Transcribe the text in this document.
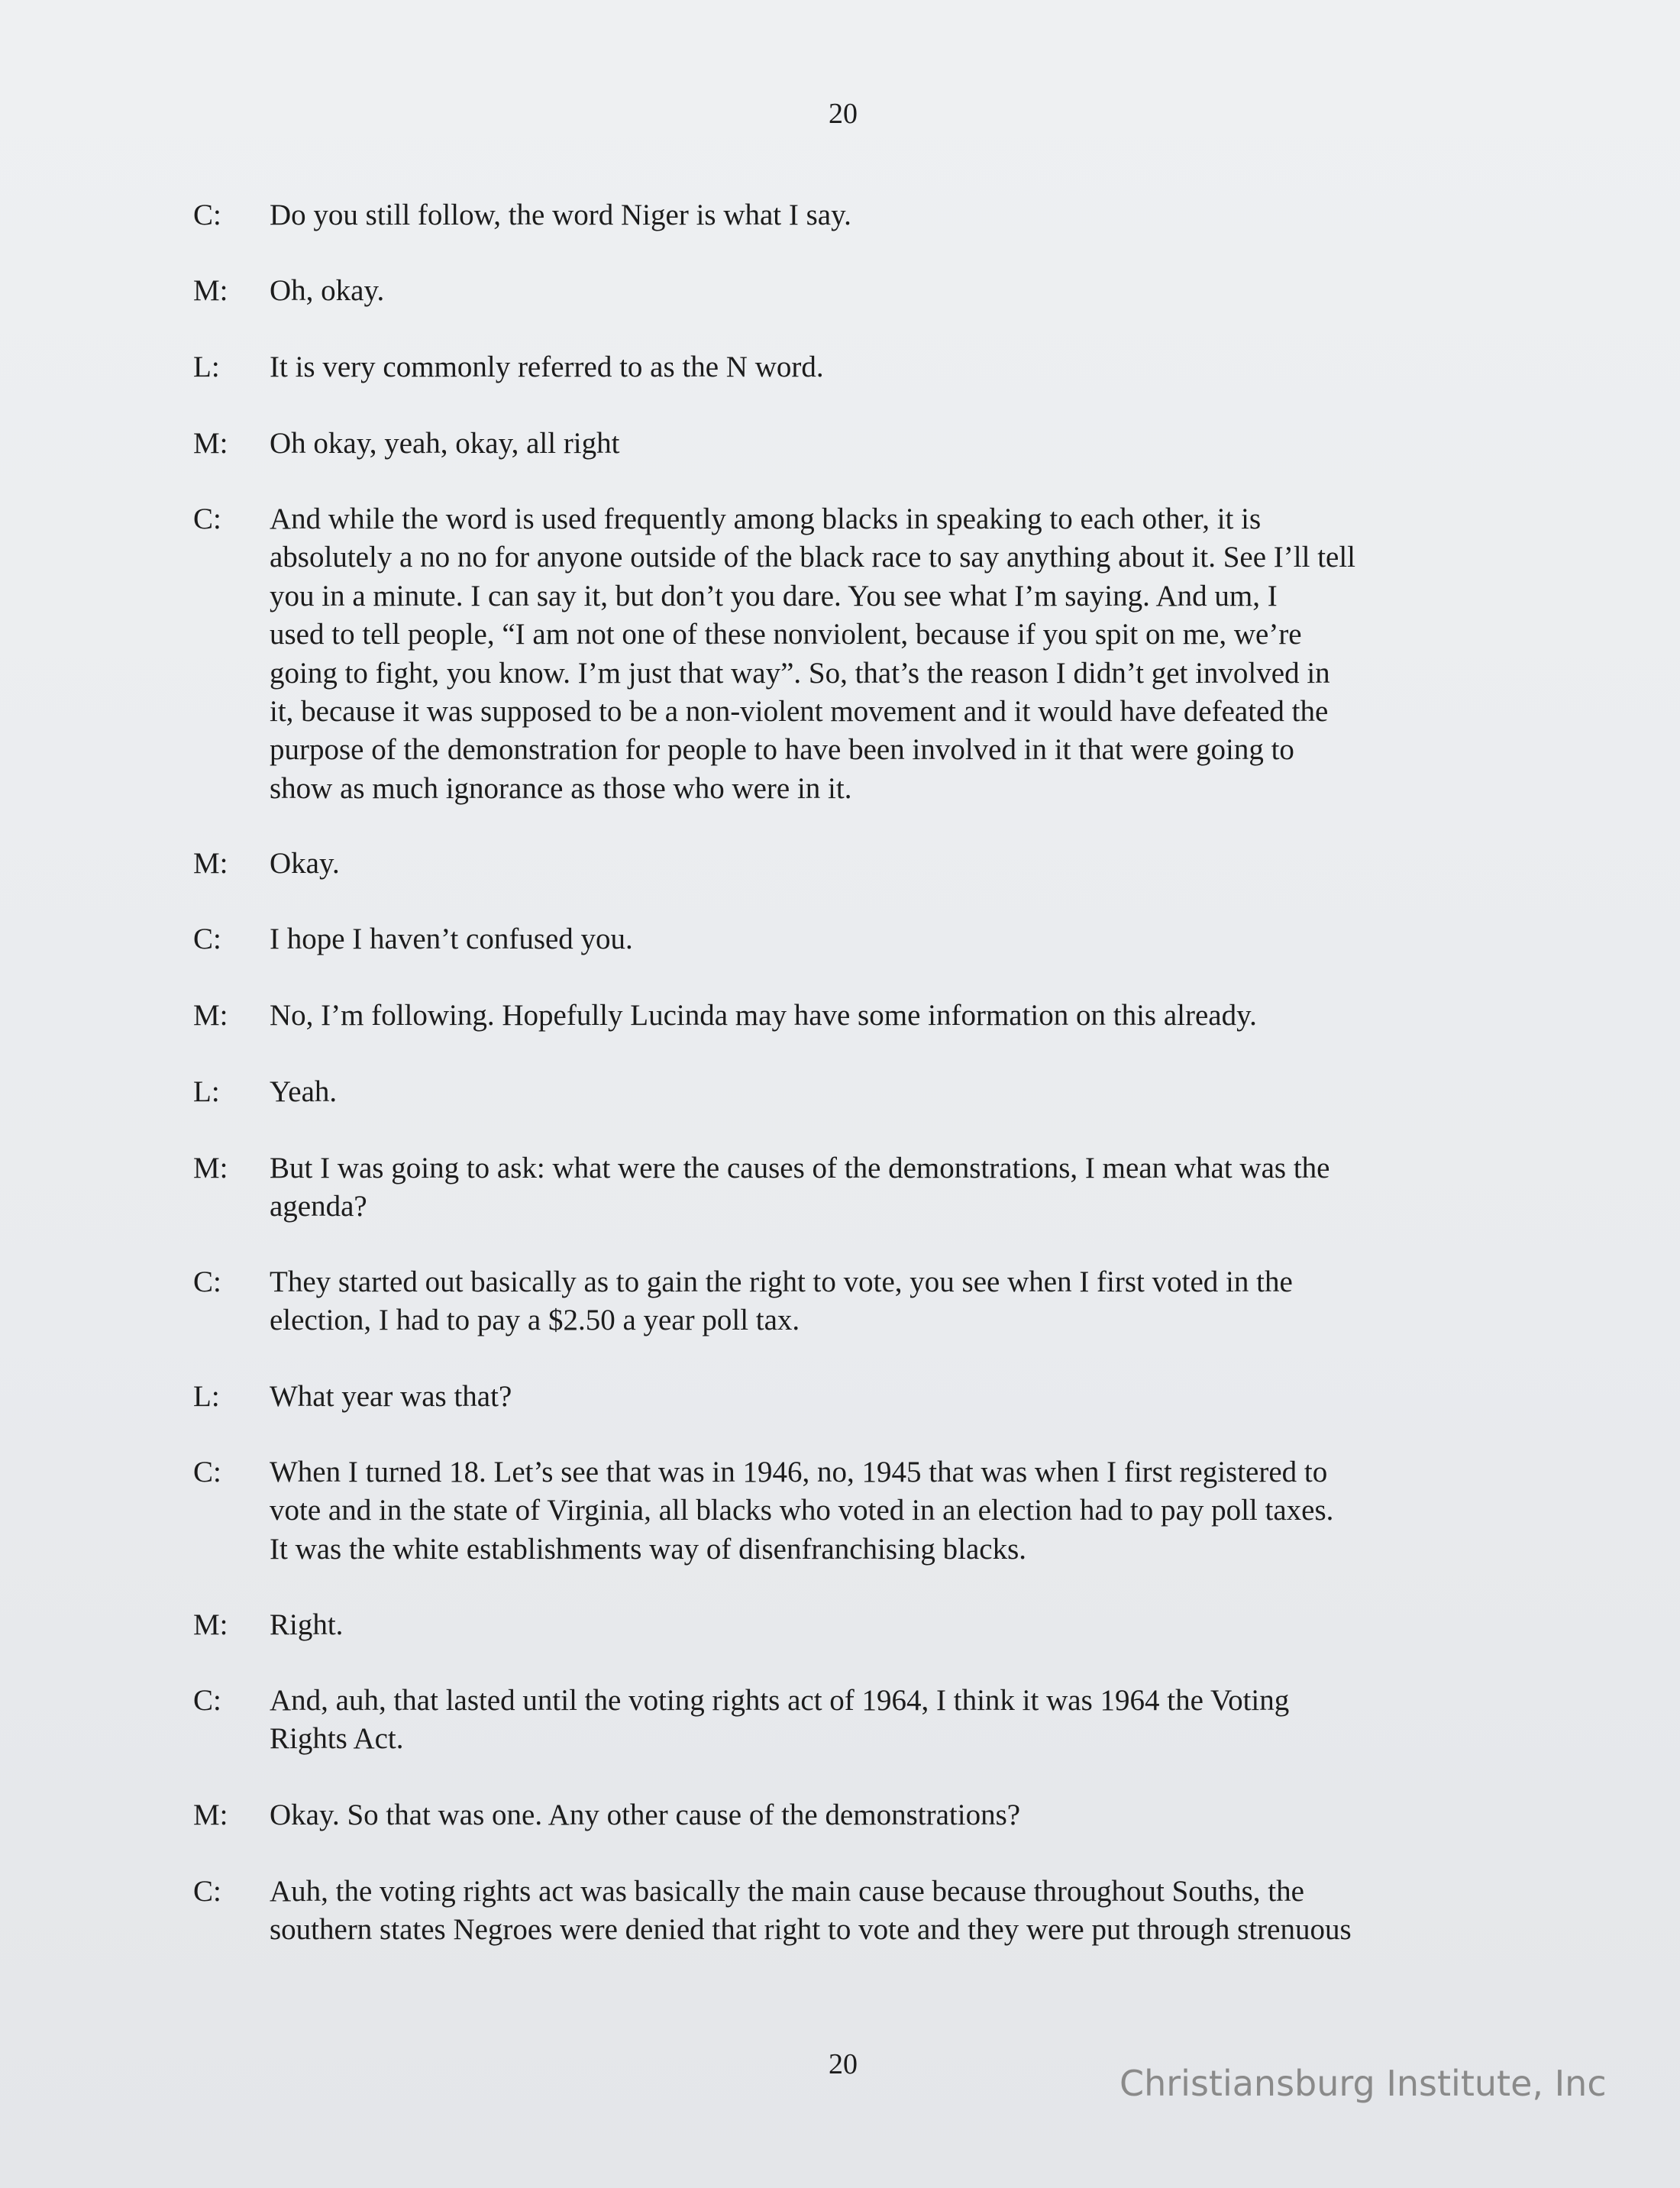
20
C: Do you still follow, the word Niger is what I say.
M: Oh, okay.
L: It is very commonly referred to as the N word.
M: Oh okay, yeah, okay, all right
C: And while the word is used frequently among blacks in speaking to each other, it is
absolutely a no no for anyone outside of the black race to say anything about it. See I’ll tell
you in a minute. I can say it, but don’t you dare. You see what I’m saying. And um, I
used to tell people, “I am not one of these nonviolent, because if you spit on me, we’re
going to fight, you know. I’m just that way”. So, that’s the reason I didn’t get involved in
it, because it was supposed to be a non-violent movement and it would have defeated the
purpose of the demonstration for people to have been involved in it that were going to
show as much ignorance as those who were in it.
M: Okay.
C: I hope I haven’t confused you.
M: No, I’m following. Hopefully Lucinda may have some information on this already.
L: Yeah.
M: But I was going to ask: what were the causes of the demonstrations, I mean what was the
agenda?
C: They started out basically as to gain the right to vote, you see when I first voted in the
election, I had to pay a $2.50 a year poll tax.
L: What year was that?
C: When I turned 18. Let’s see that was in 1946, no, 1945 that was when I first registered to
vote and in the state of Virginia, all blacks who voted in an election had to pay poll taxes.
It was the white establishments way of disenfranchising blacks.
M: Right.
C: And, auh, that lasted until the voting rights act of 1964, I think it was 1964 the Voting
Rights Act.
M: Okay. So that was one. Any other cause of the demonstrations?
C: Auh, the voting rights act was basically the main cause because throughout Souths, the
southern states Negroes were denied that right to vote and they were put through strenuous
20	Christiansburg Institute, Inc
